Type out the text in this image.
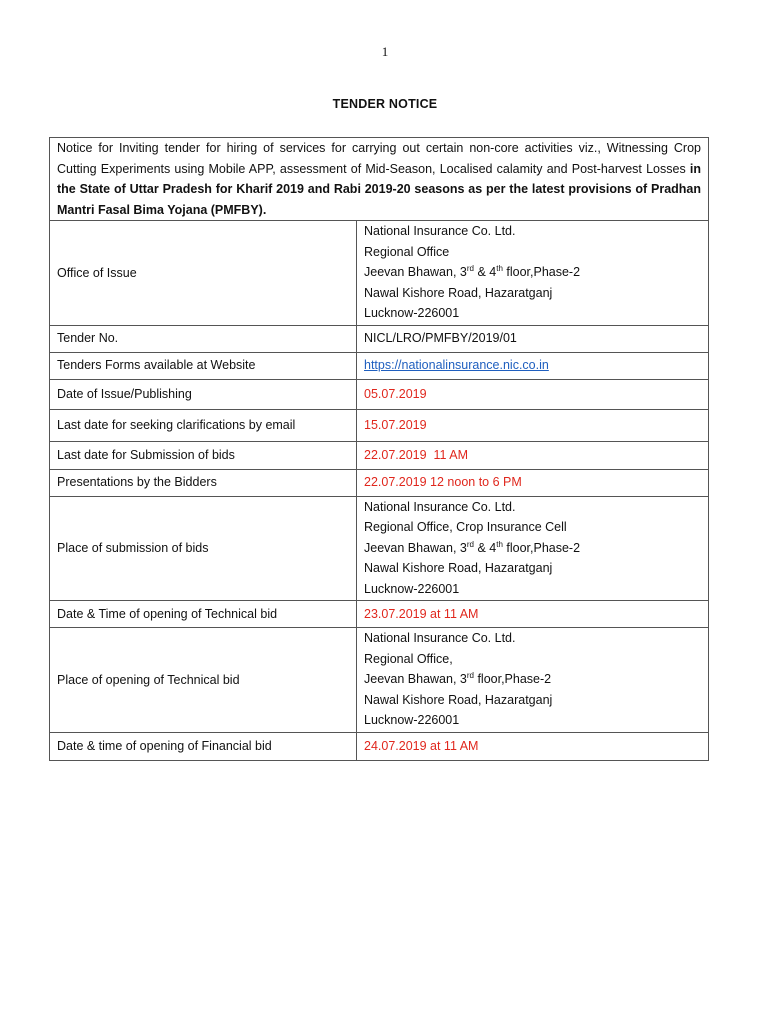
1
TENDER NOTICE
Notice for Inviting tender for hiring of services for carrying out certain non-core activities viz., Witnessing Crop Cutting Experiments using Mobile APP, assessment of Mid-Season, Localised calamity and Post-harvest Losses in the State of Uttar Pradesh for Kharif 2019 and Rabi 2019-20 seasons as per the latest provisions of Pradhan Mantri Fasal Bima Yojana (PMFBY).	
Office of Issue	National Insurance Co. Ltd.
Regional Office
Jeevan Bhawan, 3rd & 4th floor,Phase-2
Nawal Kishore Road, Hazaratganj
Lucknow-226001

Tender No.	NICL/LRO/PMFBY/2019/01
Tenders Forms available at Website	https://nationalinsurance.nic.co.in
Date of Issue/Publishing	05.07.2019
Last date for seeking clarifications by email	15.07.2019
Last date for Submission of bids	22.07.2019  11 AM
Presentations by the Bidders	22.07.2019 12 noon to 6 PM
Place of submission of bids	National Insurance Co. Ltd.
Regional Office, Crop Insurance Cell
Jeevan Bhawan, 3rd & 4th floor,Phase-2
Nawal Kishore Road, Hazaratganj
Lucknow-226001

Date & Time of opening of Technical bid	23.07.2019 at 11 AM
Place of opening of Technical bid	National Insurance Co. Ltd.
Regional Office,
Jeevan Bhawan, 3rd floor,Phase-2
Nawal Kishore Road, Hazaratganj
Lucknow-226001

Date & time of opening of Financial bid	24.07.2019 at 11 AM
